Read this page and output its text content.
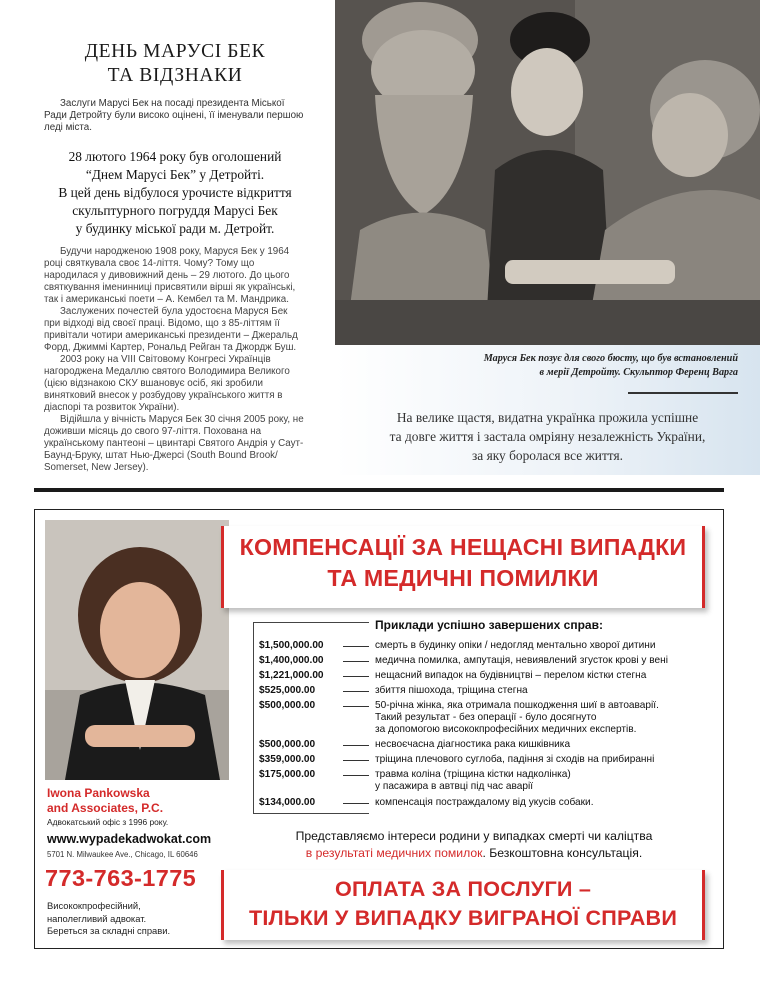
ДЕНЬ МАРУСІ БЕК
ТА ВІДЗНАКИ

Заслуги Марусі Бек на посаді президента Міської Ради Детройту були високо оцінені, її іменували першою леді міста.

28 лютого 1964 року був оголошений
“Днем Марусі Бек” у Детройті.
В цей день відбулося урочисте відкриття
скульптурного погруддя Марусі Бек
у будинку міської ради м. Детройт.

Будучи народженою 1908 року, Маруся Бек у 1964 році святкувала своє 14-ліття. Чому? Тому що народилася у дивовижний день – 29 лютого. До цього святкування іменинниці присвятили вірші як українські, так і американські поети – А. Кембел та М. Мандрика.

Заслужених почестей була удостоєна Маруся Бек при відході від своєї праці. Відомо, що з 85-літтям її привітали чотири американські президенти – Джеральд Форд, Джиммі Картер, Рональд Рейган та Джордж Буш.

2003 року на VIII Світовому Конгресі Українців нагороджена Медаллю святого Володимира Великого (цією відзнакою СКУ вшановує осіб, які зробили винятковий внесок у розбудову українського життя в діаспорі та розвиток України).

Відійшла у вічність Маруся Бек 30 січня 2005 року, не доживши місяць до свого 97-ліття. Похована на українському пантеоні – цвинтарі Святого Андрія у Саут-Баунд-Бруку, штат Нью-Джерсі (South Bound Brook/ Somerset, New Jersey).

Маруся Бек позує для свого бюсту, що був встановлений
в мерії Детройту. Скульптор Ференц Варга
На велике щастя, видатна українка прожила успішне
та довге життя і застала омріяну незалежність України,
за яку боролася все життя.
Iwona Pankowska
and Associates, P.C.
Адвокатський офіс з 1996 року.
www.wypadekadwokat.com
5701 N. Milwaukee Ave., Chicago, IL 60646
773-763-1775
Висококпрофесійний,
наполегливий адвокат.
Береться за складні справи.
КОМПЕНСАЦІЇ ЗА НЕЩАСНІ ВИПАДКИ
ТА МЕДИЧНІ ПОМИЛКИ
Приклади успішно завершених справ:
$1,500,000.00	смерть в будинку опіки / недогляд ментально хворої дитини
$1,400,000.00	медична помилка, ампутація, невиявлений згусток крові у вені
$1,221,000.00	нещасний випадок на будівництві – перелом кістки стегна
$525,000.00	збиття пішохода, тріщина стегна
$500,000.00	50-річна жінка, яка отримала пошкодження шиї в автоаварії.
Такий результат - без операції - було досягнуто
за допомогою висококпрофесійних медичних експертів.
$500,000.00	несвоєчасна діагностика рака кишківника
$359,000.00	тріщина плечового суглоба, падіння зі сходів на прибиранні
$175,000.00	травма коліна (тріщина кістки надколінка)
у пасажира в автвці під час аварії
$134,000.00	компенсація постраждалому від укусів собаки.
Представляємо інтереси родини у випадках смерті чи каліцтва
в результаті медичних помилок. Безкоштовна консультація.
ОПЛАТА ЗА ПОСЛУГИ –
ТІЛЬКИ У ВИПАДКУ ВИГРАНОЇ СПРАВИ
